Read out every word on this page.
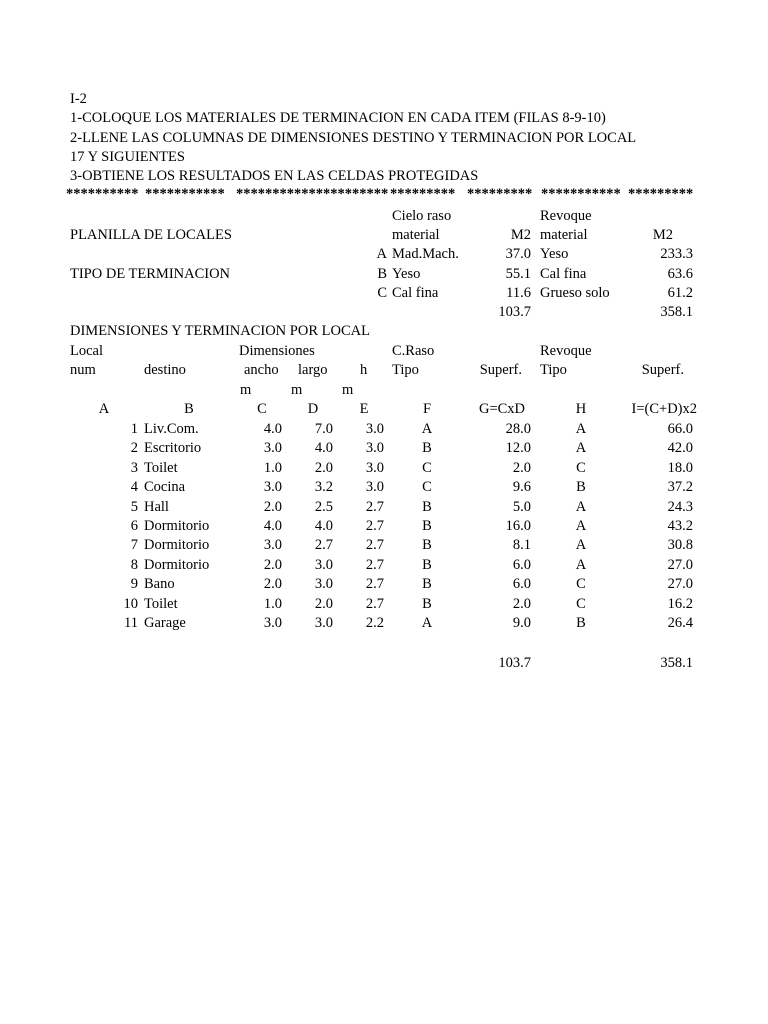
I-2
1-COLOQUE LOS MATERIALES DE TERMINACION EN CADA ITEM (FILAS 8-9-10)
2-LLENE LAS COLUMNAS DE DIMENSIONES DESTINO Y TERMINACION POR LOCAL
17 Y SIGUIENTES
3-OBTIENE LOS RESULTADOS EN LAS CELDAS PROTEGIDAS
********** *********** ********************* ********* ********* *********** *********
Cielo raso	Revoque
PLANILLA DE LOCALES	material	M2 material	M2
A Mad.Mach.	37.0 Yeso	233.3
TIPO DE TERMINACION	B Yeso	55.1 Cal fina	63.6
C Cal fina	11.6 Grueso solo	61.2
103.7	358.1
DIMENSIONES Y TERMINACION POR LOCAL
Local	Dimensiones	C.Raso	Revoque
num	destino	ancho largo h Tipo	Superf. Tipo	Superf.
m	m	m
A	B	C	D	E	F	G=CxD	H	I=(C+D)x2
1 Liv.Com.	4.0	7.0	3.0	A	28.0	A	66.0
2 Escritorio	3.0	4.0	3.0	B	12.0	A	42.0
3 Toilet	1.0	2.0	3.0	C	2.0	C	18.0
4 Cocina	3.0	3.2	3.0	C	9.6	B	37.2
5 Hall	2.0	2.5	2.7	B	5.0	A	24.3
6 Dormitorio	4.0	4.0	2.7	B	16.0	A	43.2
7 Dormitorio	3.0	2.7	2.7	B	8.1	A	30.8
8 Dormitorio	2.0	3.0	2.7	B	6.0	A	27.0
9 Bano	2.0	3.0	2.7	B	6.0	C	27.0
10 Toilet	1.0	2.0	2.7	B	2.0	C	16.2
11 Garage	3.0	3.0	2.2	A	9.0	B	26.4
103.7	358.1
